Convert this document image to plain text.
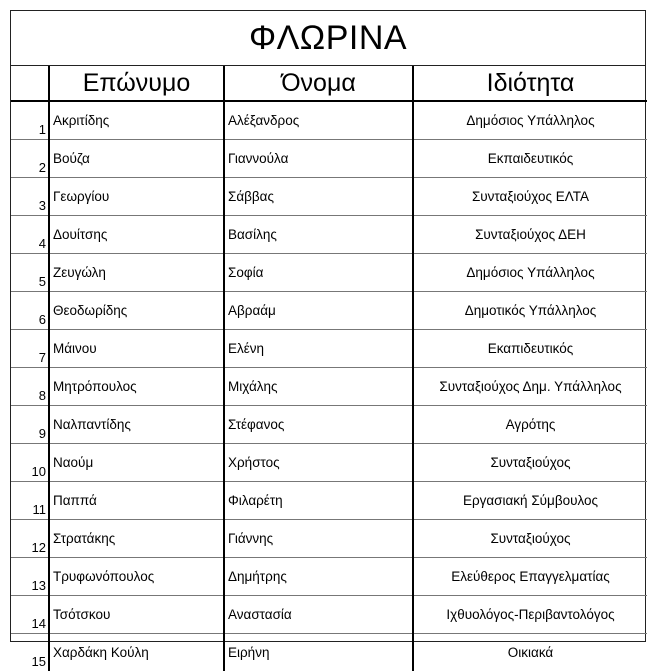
ΦΛΩΡΙΝΑ
	Επώνυμο	Όνομα	Ιδιότητα
1	Ακριτίδης	Αλέξανδρος	Δημόσιος Υπάλληλος
2	Βούζα	Γιαννούλα	Εκπαιδευτικός
3	Γεωργίου	Σάββας	Συνταξιούχος ΕΛΤΑ
4	Δουίτσης	Βασίλης	Συνταξιούχος ΔΕΗ
5	Ζευγώλη	Σοφία	Δημόσιος Υπάλληλος
6	Θεοδωρίδης	Αβραάμ	Δημοτικός Υπάλληλος
7	Μάινου	Ελένη	Εκαπιδευτικός
8	Μητρόπουλος	Μιχάλης	Συνταξιούχος Δημ. Υπάλληλος
9	Ναλπαντίδης	Στέφανος	Αγρότης
10	Ναούμ	Χρήστος	Συνταξιούχος
11	Παππά	Φιλαρέτη	Εργασιακή Σύμβουλος
12	Στρατάκης	Γιάννης	Συνταξιούχος
13	Τρυφωνόπουλος	Δημήτρης	Ελεύθερος Επαγγελματίας
14	Τσότσκου	Αναστασία	Ιχθυολόγος-Περιβαντολόγος
15	Χαρδάκη Κούλη	Ειρήνη	Οικιακά
